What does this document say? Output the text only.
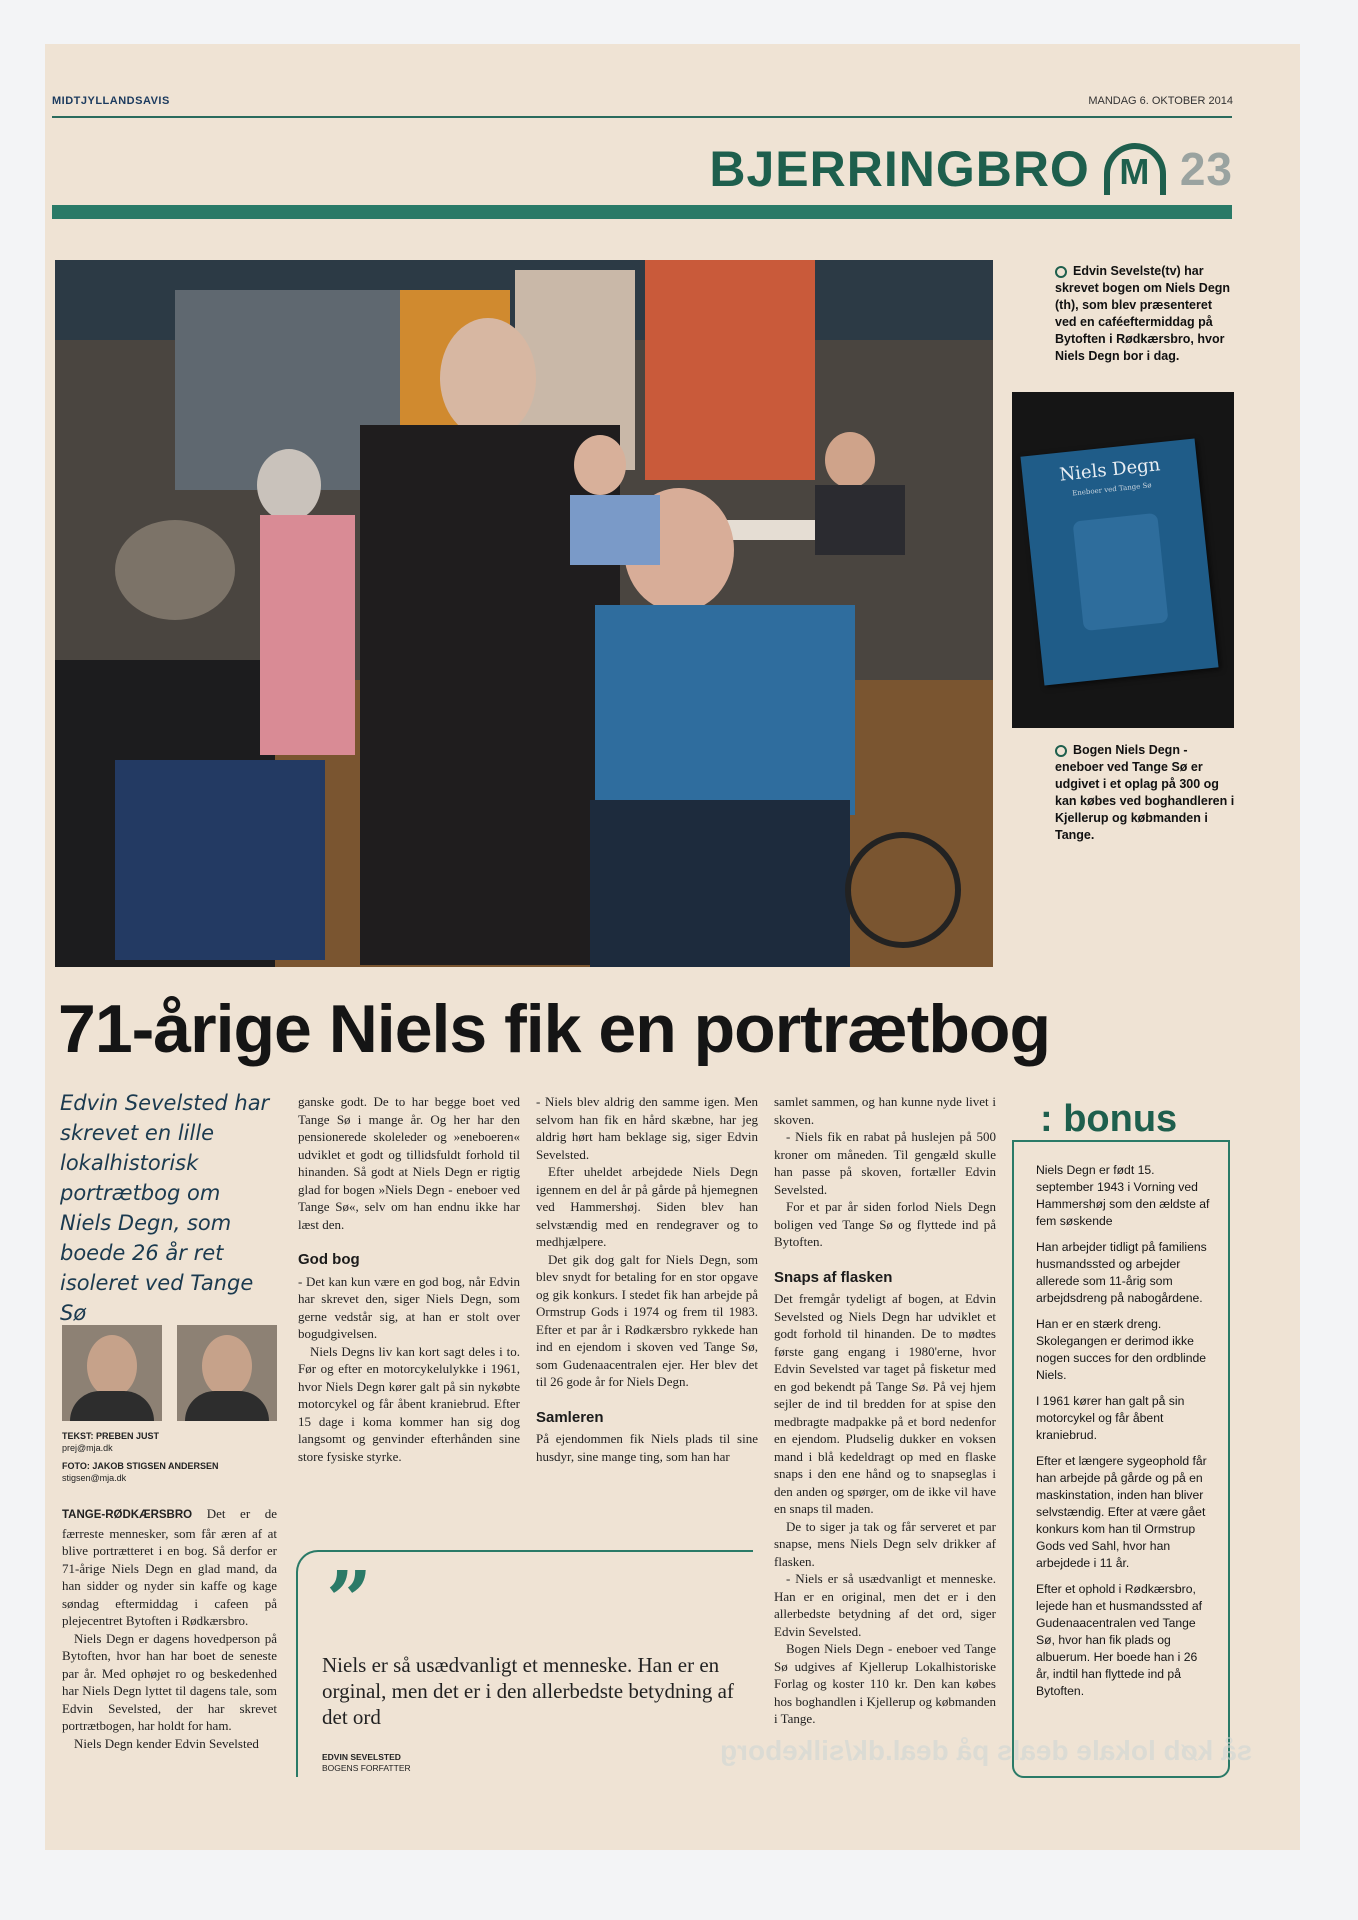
MIDTJYLLANDSAVIS	MANDAG 6. OKTOBER 2014
BJERRINGBRO M 23
Edvin Sevelste(tv) har skrevet bogen om Niels Degn (th), som blev præsenteret ved en caféeftermiddag på Bytoften i Rødkærsbro, hvor Niels Degn bor i dag.
Niels Degn
Eneboer ved Tange Sø
Bogen Niels Degn - eneboer ved Tange Sø er udgivet i et oplag på 300 og kan købes ved boghandleren i Kjellerup og købmanden i Tange.
71-årige Niels fik en portrætbog
Edvin Sevelsted har skrevet en lille lokalhistorisk portrætbog om Niels Degn, som boede 26 år ret isoleret ved Tange Sø
TEKST: PREBEN JUST
prej@mja.dk
FOTO: JAKOB STIGSEN ANDERSEN
stigsen@mja.dk

TANGE-RØDKÆRSBRO Det er de færreste mennesker, som får æren af at blive portrætteret i en bog. Så derfor er 71-årige Niels Degn en glad mand, da han sidder og nyder sin kaffe og kage søndag eftermiddag i cafeen på plejecentret Bytoften i Rødkærsbro.

Niels Degn er dagens hovedperson på Bytoften, hvor han har boet de seneste par år. Med ophøjet ro og beskedenhed har Niels Degn lyttet til dagens tale, som Edvin Sevelsted, der har skrevet portrætbogen, har holdt for ham.

Niels Degn kender Edvin Sevelsted

ganske godt. De to har begge boet ved Tange Sø i mange år. Og her har den pensionerede skoleleder og »eneboeren« udviklet et godt og tillidsfuldt forhold til hinanden. Så godt at Niels Degn er rigtig glad for bogen »Niels Degn - eneboer ved Tange Sø«, selv om han endnu ikke har læst den.

God bog

- Det kan kun være en god bog, når Edvin har skrevet den, siger Niels Degn, som gerne vedstår sig, at han er stolt over bogudgivelsen.

Niels Degns liv kan kort sagt deles i to. Før og efter en motorcykelulykke i 1961, hvor Niels Degn kører galt på sin nykøbte motorcykel og får åbent kraniebrud. Efter 15 dage i koma kommer han sig dog langsomt og genvinder efterhånden sine store fysiske styrke.

- Niels blev aldrig den samme igen. Men selvom han fik en hård skæbne, har jeg aldrig hørt ham beklage sig, siger Edvin Sevelsted.

Efter uheldet arbejdede Niels Degn igennem en del år på gårde på hjemegnen ved Hammershøj. Siden blev han selvstændig med en rendegraver og to medhjælpere.

Det gik dog galt for Niels Degn, som blev snydt for betaling for en stor opgave og gik konkurs. I stedet fik han arbejde på Ormstrup Gods i 1974 og frem til 1983. Efter et par år i Rødkærsbro rykkede han ind en ejendom i skoven ved Tange Sø, som Gudenaacentralen ejer. Her blev det til 26 gode år for Niels Degn.

Samleren

På ejendommen fik Niels plads til sine husdyr, sine mange ting, som han har

samlet sammen, og han kunne nyde livet i skoven.

- Niels fik en rabat på huslejen på 500 kroner om måneden. Til gengæld skulle han passe på skoven, fortæller Edvin Sevelsted.

For et par år siden forlod Niels Degn boligen ved Tange Sø og flyttede ind på Bytoften.

Snaps af flasken

Det fremgår tydeligt af bogen, at Edvin Sevelsted og Niels Degn har udviklet et godt forhold til hinanden. De to mødtes første gang engang i 1980'erne, hvor Edvin Sevelsted var taget på fisketur med en god bekendt på Tange Sø. På vej hjem sejler de ind til bredden for at spise den medbragte madpakke på et bord nedenfor en ejendom. Pludselig dukker en voksen mand i blå kedeldragt op med en flaske snaps i den ene hånd og to snapseglas i den anden og spørger, om de ikke vil have en snaps til maden.

De to siger ja tak og får serveret et par snapse, mens Niels Degn selv drikker af flasken.

- Niels er så usædvanligt et menneske. Han er en original, men det er i den allerbedste betydning af det ord, siger Edvin Sevelsted.

Bogen Niels Degn - eneboer ved Tange Sø udgives af Kjellerup Lokalhistoriske Forlag og koster 110 kr. Den kan købes hos boghandlen i Kjellerup og købmanden i Tange.

”
Niels er så usædvanligt et menneske. Han er en orginal, men det er i den allerbedste betydning af det ord
EDVIN SEVELSTED
BOGENS FORFATTER
: bonus

Niels Degn er født 15. september 1943 i Vorning ved Hammershøj som den ældste af fem søskende

Han arbejder tidligt på familiens husmandssted og arbejder allerede som 11-årig som arbejdsdreng på nabogårdene.

Han er en stærk dreng. Skolegangen er derimod ikke nogen succes for den ordblinde Niels.

I 1961 kører han galt på sin motorcykel og får åbent kraniebrud.

Efter et længere sygeophold får han arbejde på gårde og på en maskinstation, inden han bliver selvstændig. Efter at være gået konkurs kom han til Ormstrup Gods ved Sahl, hvor han arbejdede i 11 år.

Efter et ophold i Rødkærsbro, lejede han et husmandssted af Gudenaacentralen ved Tange Sø, hvor han fik plads og albuerum. Her boede han i 26 år, indtil han flyttede ind på Bytoften.

så køb lokale deals på deal.dk/silkeborg
